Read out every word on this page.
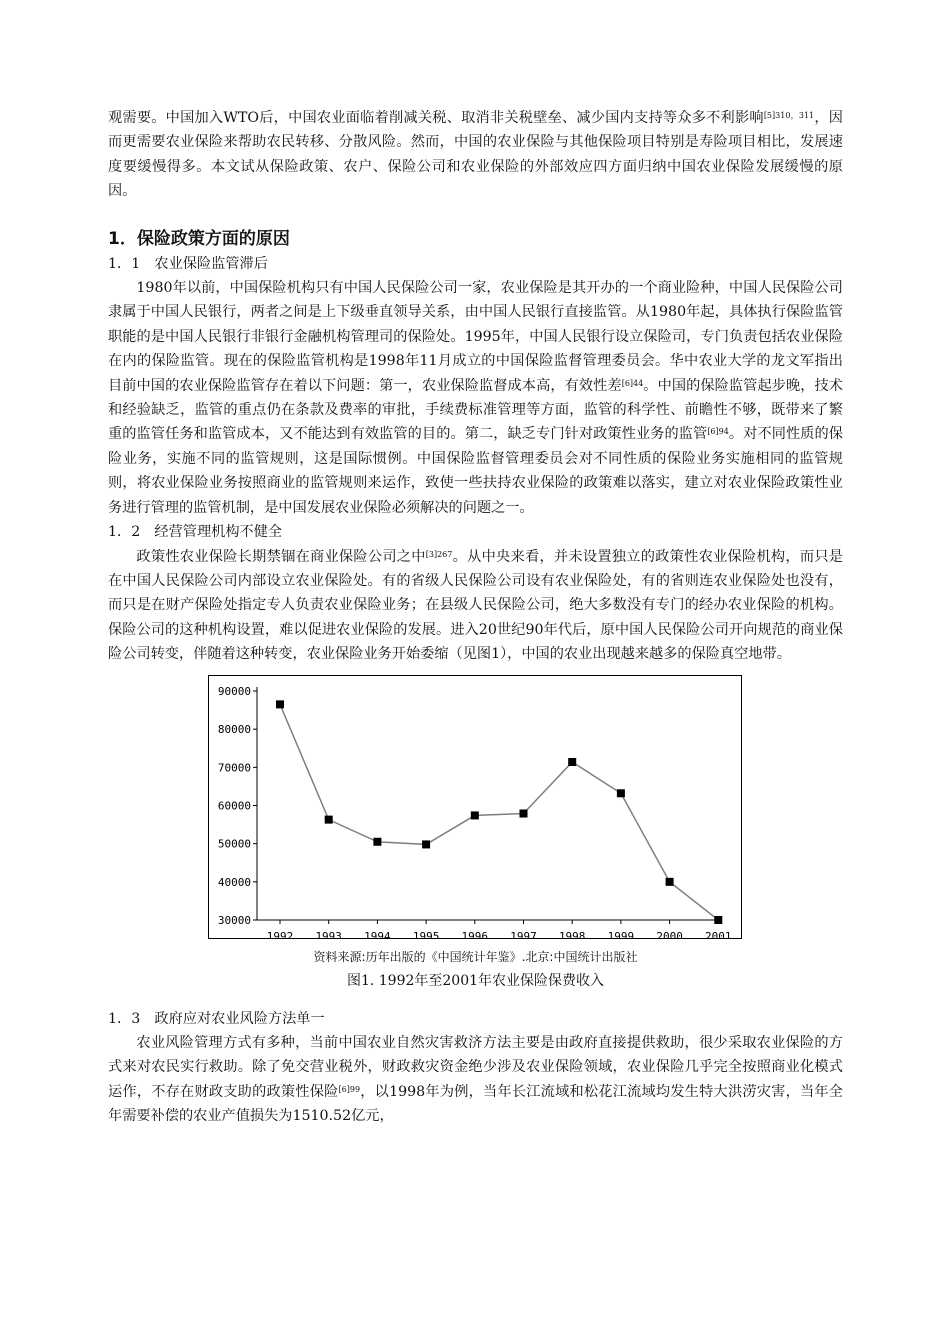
观需要。中国加入WTO后，中国农业面临着削减关税、取消非关税壁垒、减少国内支持等众多不利影响$^{[5]310,311}$，因而更需要农业保险来帮助农民转移、分散风险。然而，中国的农业保险与其他保险项目特别是寿险项目相比，发展速度要缓慢得多。本文试从保险政策、农户、保险公司和农业保险的外部效应四方面归纳中国农业保险发展缓慢的原因。

1．保险政策方面的原因
1．1　农业保险监管滞后

1980年以前，中国保险机构只有中国人民保险公司一家，农业保险是其开办的一个商业险种，中国人民保险公司隶属于中国人民银行，两者之间是上下级垂直领导关系，由中国人民银行直接监管。从1980年起，具体执行保险监管职能的是中国人民银行非银行金融机构管理司的保险处。1995年，中国人民银行设立保险司，专门负责包括农业保险在内的保险监管。现在的保险监管机构是1998年11月成立的中国保险监督管理委员会。华中农业大学的龙文军指出目前中国的农业保险监管存在着以下问题：第一，农业保险监督成本高，有效性差$^{[6]44}$。中国的保险监管起步晚，技术和经验缺乏，监管的重点仍在条款及费率的审批，手续费标准管理等方面，监管的科学性、前瞻性不够，既带来了繁重的监管任务和监管成本，又不能达到有效监管的目的。第二，缺乏专门针对政策性业务的监管$^{[6]94}$。对不同性质的保险业务，实施不同的监管规则，这是国际惯例。中国保险监督管理委员会对不同性质的保险业务实施相同的监管规则，将农业保险业务按照商业的监管规则来运作，致使一些扶持农业保险的政策难以落实，建立对农业保险政策性业务进行管理的监管机制，是中国发展农业保险必须解决的问题之一。

1．2　经营管理机构不健全

政策性农业保险长期禁锢在商业保险公司之中$^{[3]267}$。从中央来看，并未设置独立的政策性农业保险机构，而只是在中国人民保险公司内部设立农业保险处。有的省级人民保险公司设有农业保险处，有的省则连农业保险处也没有，而只是在财产保险处指定专人负责农业保险业务；在县级人民保险公司，绝大多数没有专门的经办农业保险的机构。保险公司的这种机构设置，难以促进农业保险的发展。进入20世纪90年代后，原中国人民保险公司开向规范的商业保险公司转变，伴随着这种转变，农业保险业务开始委缩（见图1），中国的农业出现越来越多的保险真空地带。

90000
80000
70000
60000
50000
40000
30000
1992 1993 1994 1995 1996 1997 1998 1999 2000 2001
资料来源:历年出版的《中国统计年鉴》.北京:中国统计出版社
图1. 1992年至2001年农业保险保费收入
1．3　政府应对农业风险方法单一

农业风险管理方式有多种，当前中国农业自然灾害救济方法主要是由政府直接提供救助，很少采取农业保险的方式来对农民实行救助。除了免交营业税外，财政救灾资金绝少涉及农业保险领域，农业保险几乎完全按照商业化模式运作，不存在财政支助的政策性保险$^{[6]99}$，以1998年为例，当年长江流域和松花江流域均发生特大洪涝灾害，当年全年需要补偿的农业产值损失为1510.52亿元，
